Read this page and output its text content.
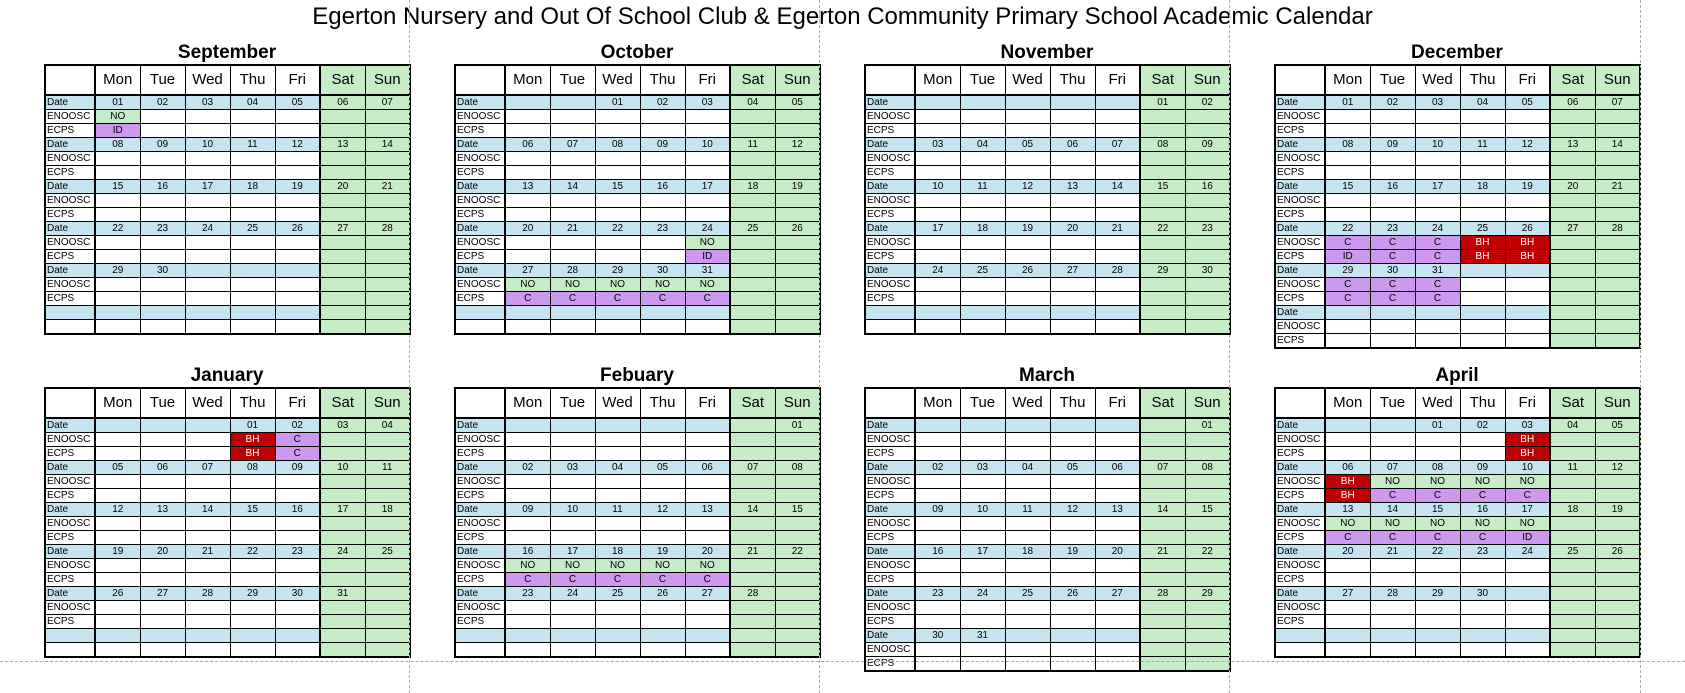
Egerton Nursery and Out Of School Club & Egerton Community Primary School Academic Calendar
September
	Mon	Tue	Wed	Thu	Fri	Sat	Sun
Date	01	02	03	04	05	06	07
ENOOSC	NO						
ECPS	ID						
Date	08	09	10	11	12	13	14
ENOOSC							
ECPS							
Date	15	16	17	18	19	20	21
ENOOSC							
ECPS							
Date	22	23	24	25	26	27	28
ENOOSC							
ECPS							
Date	29	30					
ENOOSC							
ECPS							

October
	Mon	Tue	Wed	Thu	Fri	Sat	Sun
Date			01	02	03	04	05
ENOOSC							
ECPS							
Date	06	07	08	09	10	11	12
ENOOSC							
ECPS							
Date	13	14	15	16	17	18	19
ENOOSC							
ECPS							
Date	20	21	22	23	24	25	26
ENOOSC					NO		
ECPS					ID		
Date	27	28	29	30	31		
ENOOSC	NO	NO	NO	NO	NO		
ECPS	C	C	C	C	C		

November
	Mon	Tue	Wed	Thu	Fri	Sat	Sun
Date						01	02
ENOOSC							
ECPS							
Date	03	04	05	06	07	08	09
ENOOSC							
ECPS							
Date	10	11	12	13	14	15	16
ENOOSC							
ECPS							
Date	17	18	19	20	21	22	23
ENOOSC							
ECPS							
Date	24	25	26	27	28	29	30
ENOOSC							
ECPS							

December
	Mon	Tue	Wed	Thu	Fri	Sat	Sun
Date	01	02	03	04	05	06	07
ENOOSC							
ECPS							
Date	08	09	10	11	12	13	14
ENOOSC							
ECPS							
Date	15	16	17	18	19	20	21
ENOOSC							
ECPS							
Date	22	23	24	25	26	27	28
ENOOSC	C	C	C	BH	BH		
ECPS	ID	C	C	BH	BH		
Date	29	30	31				
ENOOSC	C	C	C				
ECPS	C	C	C				
Date							
ENOOSC							
ECPS							
January
	Mon	Tue	Wed	Thu	Fri	Sat	Sun
Date				01	02	03	04
ENOOSC				BH	C		
ECPS				BH	C		
Date	05	06	07	08	09	10	11
ENOOSC							
ECPS							
Date	12	13	14	15	16	17	18
ENOOSC							
ECPS							
Date	19	20	21	22	23	24	25
ENOOSC							
ECPS							
Date	26	27	28	29	30	31	
ENOOSC							
ECPS							

Febuary
	Mon	Tue	Wed	Thu	Fri	Sat	Sun
Date							01
ENOOSC							
ECPS							
Date	02	03	04	05	06	07	08
ENOOSC							
ECPS							
Date	09	10	11	12	13	14	15
ENOOSC							
ECPS							
Date	16	17	18	19	20	21	22
ENOOSC	NO	NO	NO	NO	NO		
ECPS	C	C	C	C	C		
Date	23	24	25	26	27	28	
ENOOSC							
ECPS							

March
	Mon	Tue	Wed	Thu	Fri	Sat	Sun
Date							01
ENOOSC							
ECPS							
Date	02	03	04	05	06	07	08
ENOOSC							
ECPS							
Date	09	10	11	12	13	14	15
ENOOSC							
ECPS							
Date	16	17	18	19	20	21	22
ENOOSC							
ECPS							
Date	23	24	25	26	27	28	29
ENOOSC							
ECPS							
Date	30	31					
ENOOSC							
ECPS							
April
	Mon	Tue	Wed	Thu	Fri	Sat	Sun
Date			01	02	03	04	05
ENOOSC					BH		
ECPS					BH		
Date	06	07	08	09	10	11	12
ENOOSC	BH	NO	NO	NO	NO		
ECPS	BH	C	C	C	C		
Date	13	14	15	16	17	18	19
ENOOSC	NO	NO	NO	NO	NO		
ECPS	C	C	C	C	ID		
Date	20	21	22	23	24	25	26
ENOOSC							
ECPS							
Date	27	28	29	30			
ENOOSC							
ECPS							
